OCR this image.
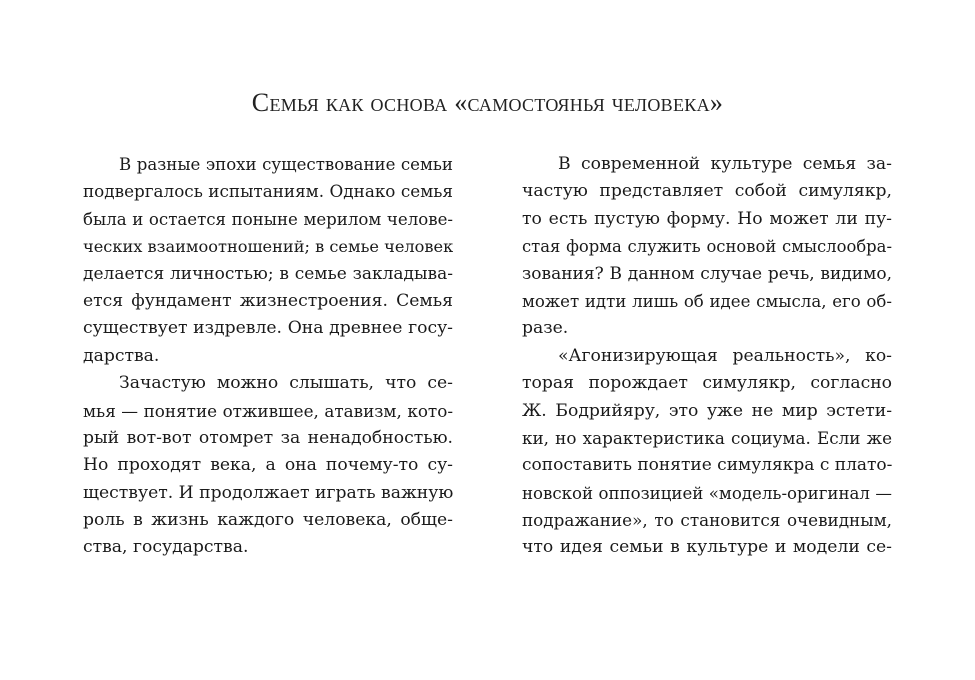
Семья как основа «самостоянья человека»

В разные эпохи существование семьи
подвергалось испытаниям. Однако семья
была и остается поныне мерилом челове-
ческих взаимоотношений; в семье человек
делается личностью; в семье закладыва-
ется фундамент жизнестроения. Семья
существует издревле. Она древнее госу-
дарства.

Зачастую можно слышать, что се-
мья — понятие отжившее, атавизм, кото-
рый вот-вот отомрет за ненадобностью.
Но проходят века, а она почему-то су-
ществует. И продолжает играть важную
роль в жизнь каждого человека, обще-
ства, государства.

В современной культуре семья за-
частую представляет собой симулякр,
то есть пустую форму. Но может ли пу-
стая форма служить основой смыслообра-
зования? В данном случае речь, видимо,
может идти лишь об идее смысла, его об-
разе.

«Агонизирующая реальность», ко-
торая порождает симулякр, согласно
Ж. Бодрийяру, это уже не мир эстети-
ки, но характеристика социума. Если же
сопоставить понятие симулякра с плато-
новской оппозицией «модель-оригинал —
подражание», то становится очевидным,
что идея семьи в культуре и модели се-
